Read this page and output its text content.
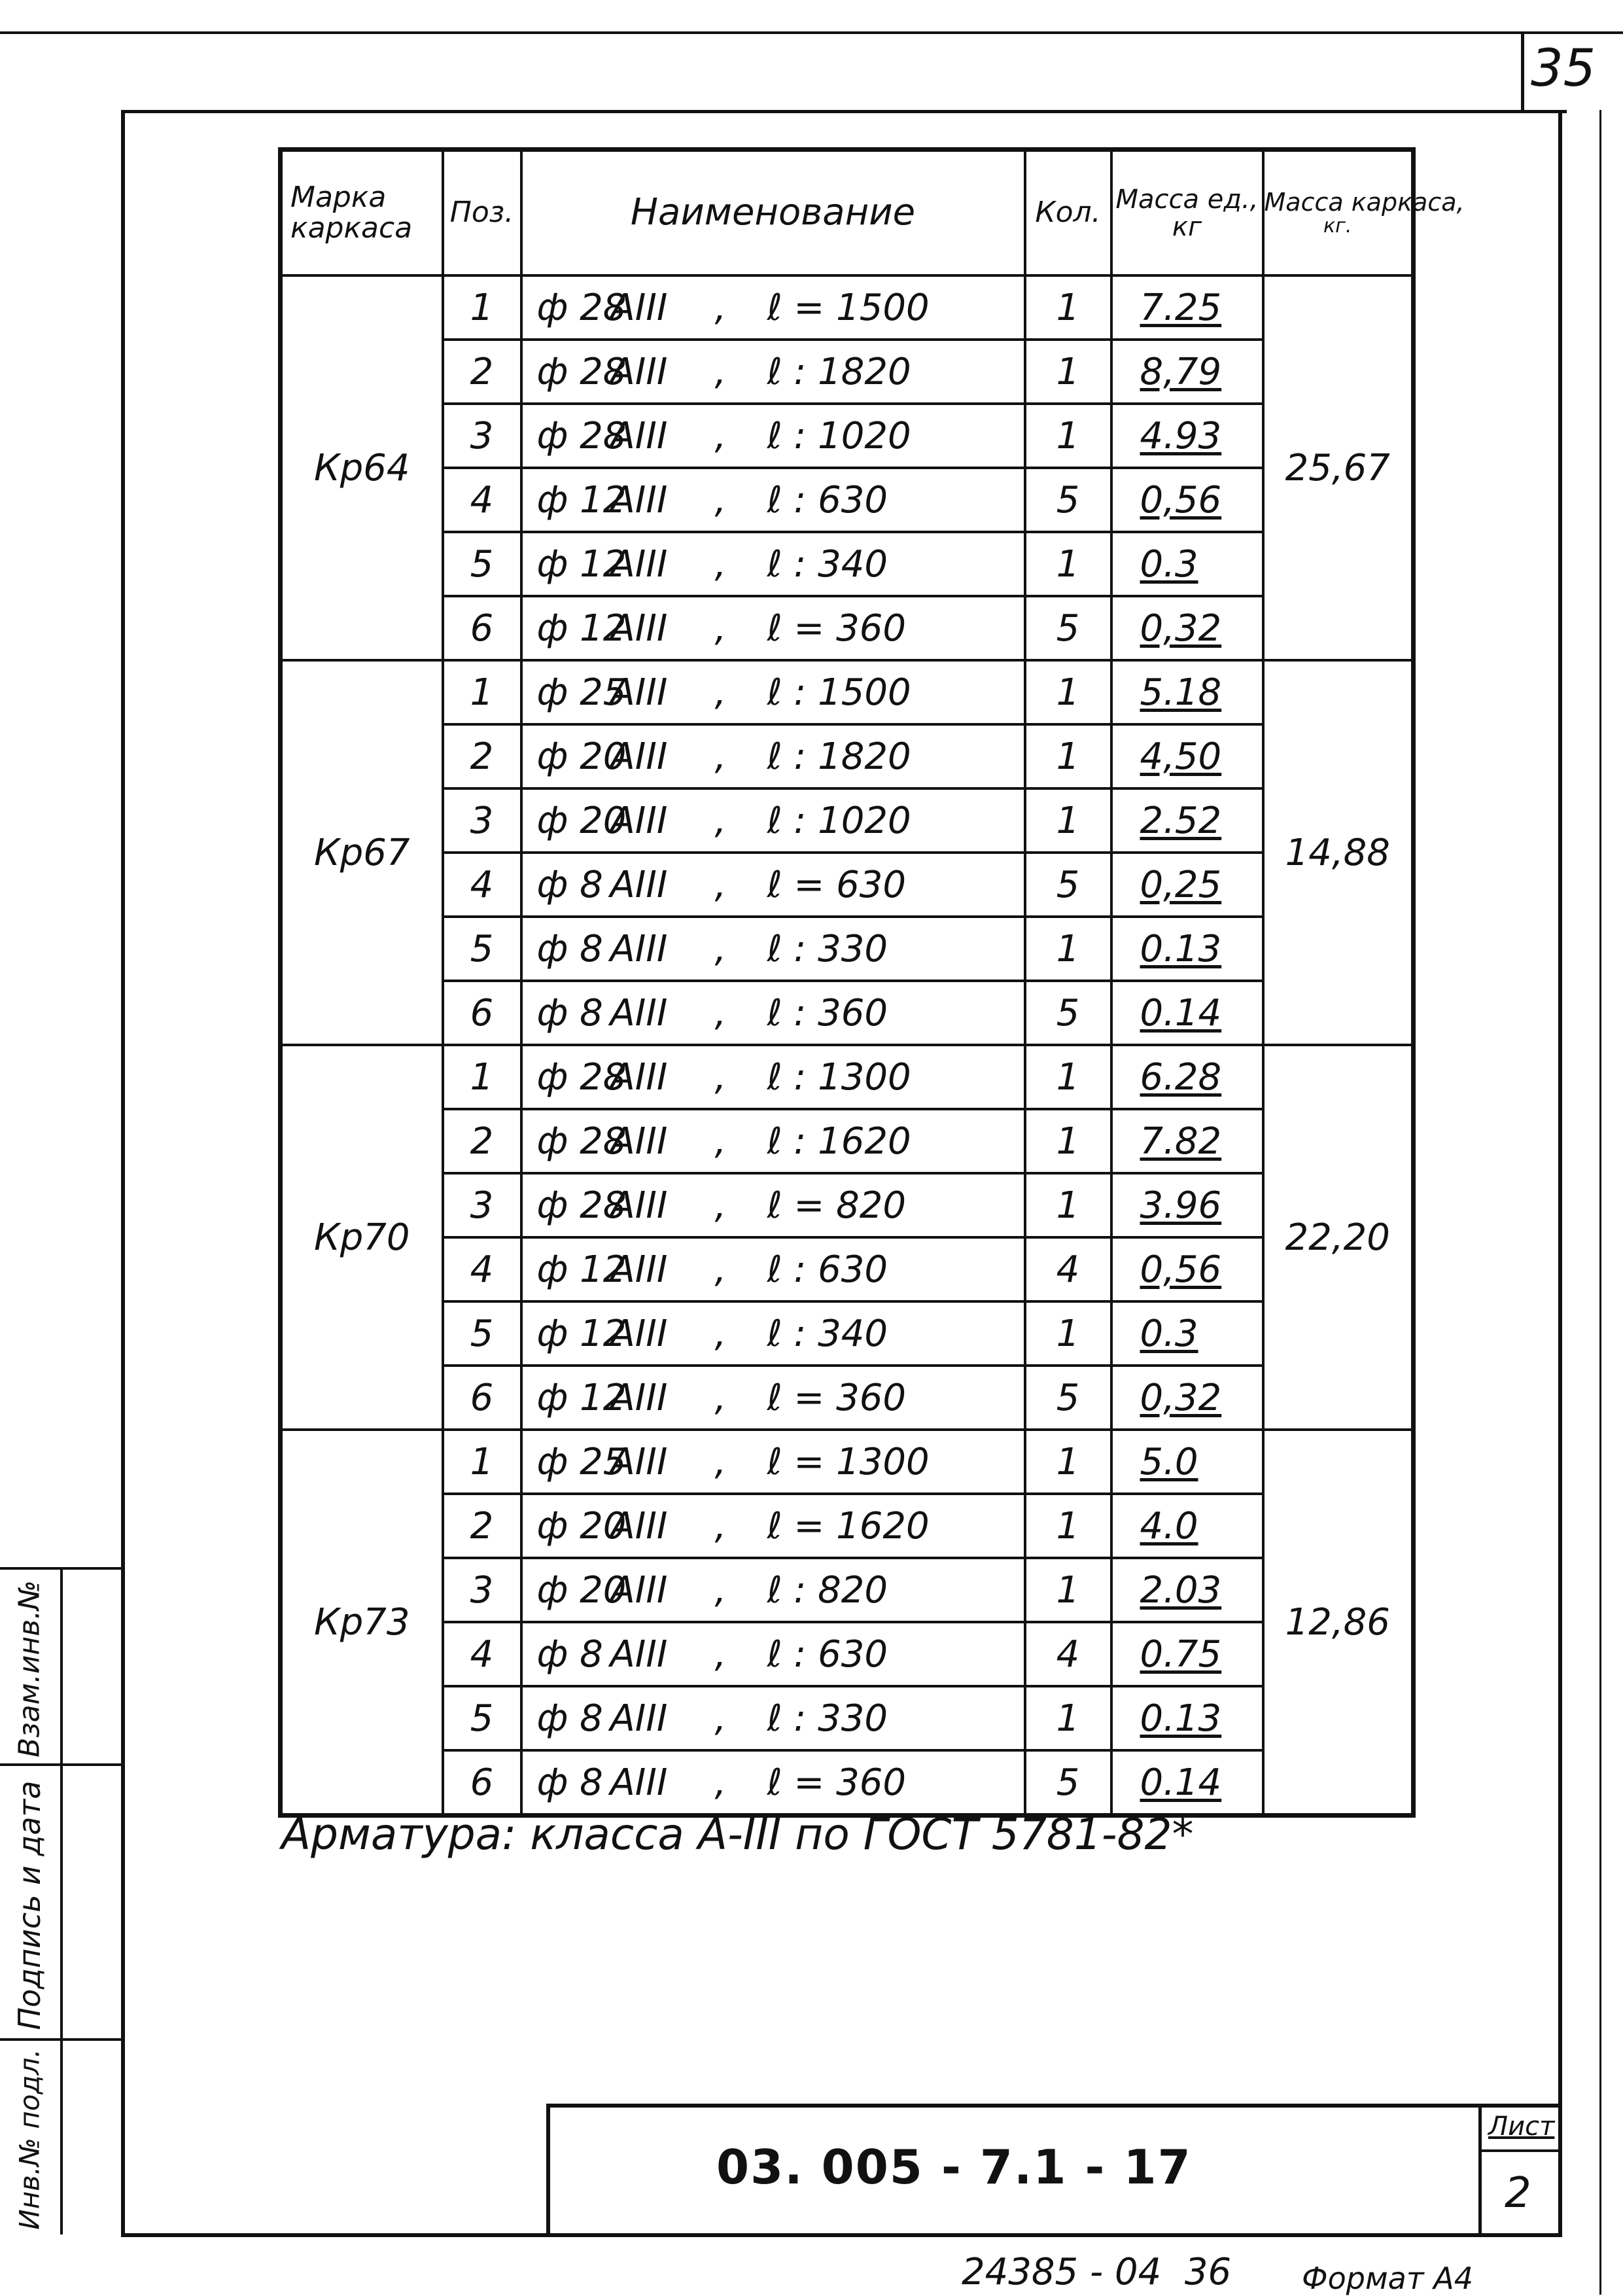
35
Марка каркаса	Поз.	Наименование	Кол.	Масса ед., кг	Масса каркаса,
кг.

Кр64	1	ф 28АIII , ℓ = 1500	1	7.25	25,67
	2	ф 28АIII , ℓ : 1820	1	8,79	
	3	ф 28АIII , ℓ : 1020	1	4.93	
	4	ф 12АIII , ℓ : 630	5	0,56	
	5	ф 12АIII , ℓ : 340	1	0.3	
	6	ф 12АIII , ℓ = 360	5	0,32	
Кр67	1	ф 25АIII , ℓ : 1500	1	5.18	14,88
	2	ф 20АIII , ℓ : 1820	1	4,50	
	3	ф 20АIII , ℓ : 1020	1	2.52	
	4	ф 8 АIII , ℓ = 630	5	0,25	
	5	ф 8 АIII , ℓ : 330	1	0.13	
	6	ф 8 АIII , ℓ : 360	5	0.14	
Кр70	1	ф 28АIII , ℓ : 1300	1	6.28	22,20
	2	ф 28АIII , ℓ : 1620	1	7.82	
	3	ф 28АIII , ℓ = 820	1	3.96	
	4	ф 12АIII , ℓ : 630	4	0,56	
	5	ф 12АIII , ℓ : 340	1	0.3	
	6	ф 12АIII , ℓ = 360	5	0,32	
Кр73	1	ф 25АIII , ℓ = 1300	1	5.0	12,86
	2	ф 20АIII , ℓ = 1620	1	4.0	
	3	ф 20АIII , ℓ : 820	1	2.03	
	4	ф 8 АIII , ℓ : 630	4	0.75	
	5	ф 8 АIII , ℓ : 330	1	0.13	
	6	ф 8 АIII , ℓ = 360	5	0.14	
Арматура: класса А-III по ГОСТ 5781-82*
Взам.инв.№
Подпись и дата
Инв.№ подл.	03. 005 - 7.1 - 17
Лист
2
24385 - 04  36 Формат А4
